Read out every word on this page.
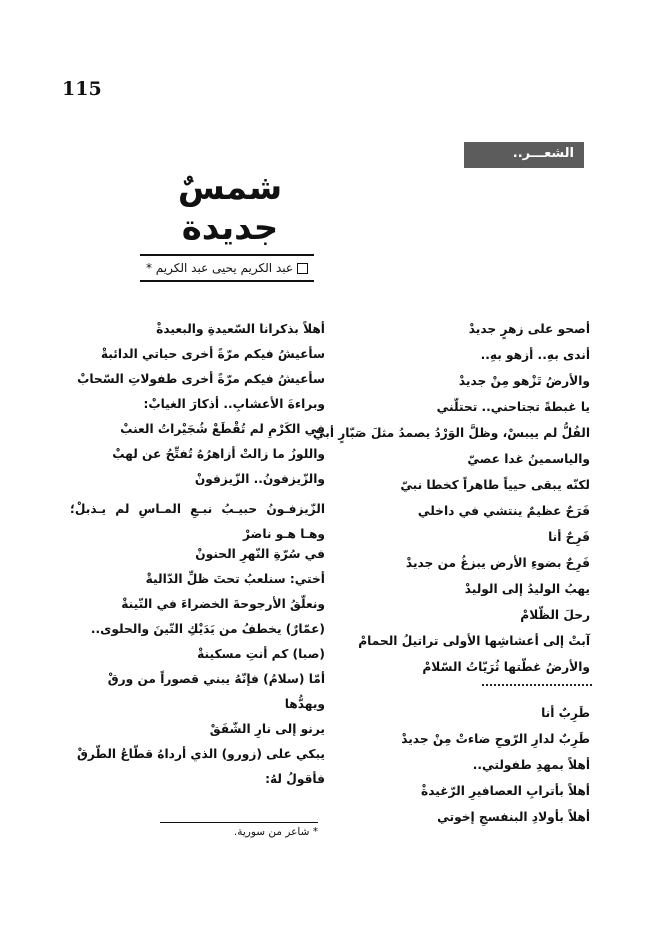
115
الشعـــر..
شمسٌ جديدة
عبد الكريم يحيى عبد الكريم *
أصحو على زهرٍ جديدْ
أندى بهِ.. أزهو بهِ..
والأرضُ تَزْهو مِنْ جديدْ
يا غبطةً تجتاحني.. تحتلّني
الفُلُّ لم ييبسْ، وظلَّ الوَرْدُ يصمدُ مثلَ صَبّارٍ أبيّ
والياسمينُ غدا عصيّ
لكنّه يبقى حيياً طاهراً كخطا نبيّ
فَرَحٌ عظيمٌ ينتشي في داخلي
فَرِحٌ أنا
فَرِحٌ بضوءِ الأرض يبزغُ من جديدْ
يهبُ الوليدُ إلى الوليدْ
رحلَ الظّلامْ
آبتْ إلى أعشاشِها الأولى تراتيلُ الحمامْ
والأرضُ غطّتها ثُرَيّاتُ السّلامْ
طَرِبٌ أنا
طَرِبٌ لدارِ الرّوحِ ضاءتْ مِنْ جديدْ
أهلاً بمهدِ طفولتي..
أهلاً بأترابِ العصافيرِ الرّغيدةْ
أهلاً بأولادِ البنفسجِ إخوتي
أهلاً بذكرانا السّعيدةِ والبعيدةْ
سأعيشُ فيكم مرّةً أخرى حياتي الدائبةْ
سأعيشُ فيكم مرّةً أخرى طفولاتِ السّحابْ
وبراءةَ الأعشابِ.. أذكارَ الغيابْ:
في الكَرْمِ لم تُقْطَعْ شُجَيْراتُ العنبْ
واللوزُ ما زالتْ أزاهرُهُ تُفتِّحُ عن لهبْ
والزّيزفونُ.. الزّيزفونْ
الزّيزفـونُ حبيـبُ نبـعِ المـاسِ لم يـذبلْ؛ وهـا هـو ناضرْ
في سُرّةِ النّهرِ الحنونْ
أختي: سنلعبُ تحتَ ظلِّ الدّاليةْ
ونعلّقُ الأرجوحةَ الخضراءَ في التّينةْ
(عمّارٌ) يخطفُ من يَدَيْكِ التّينَ والحلوى..
(صبا) كم أنتِ مسكينةْ
أمّا (سلامُ) فإنّهُ يبني قصوراً من ورقْ
ويهدُّها
يرنو إلى نارِ الشّفَقْ
يبكي على (زورو) الذي أرداهُ قطّاعُ الطّرقْ
فأقولُ لهُ:
* شاعر من سورية.
